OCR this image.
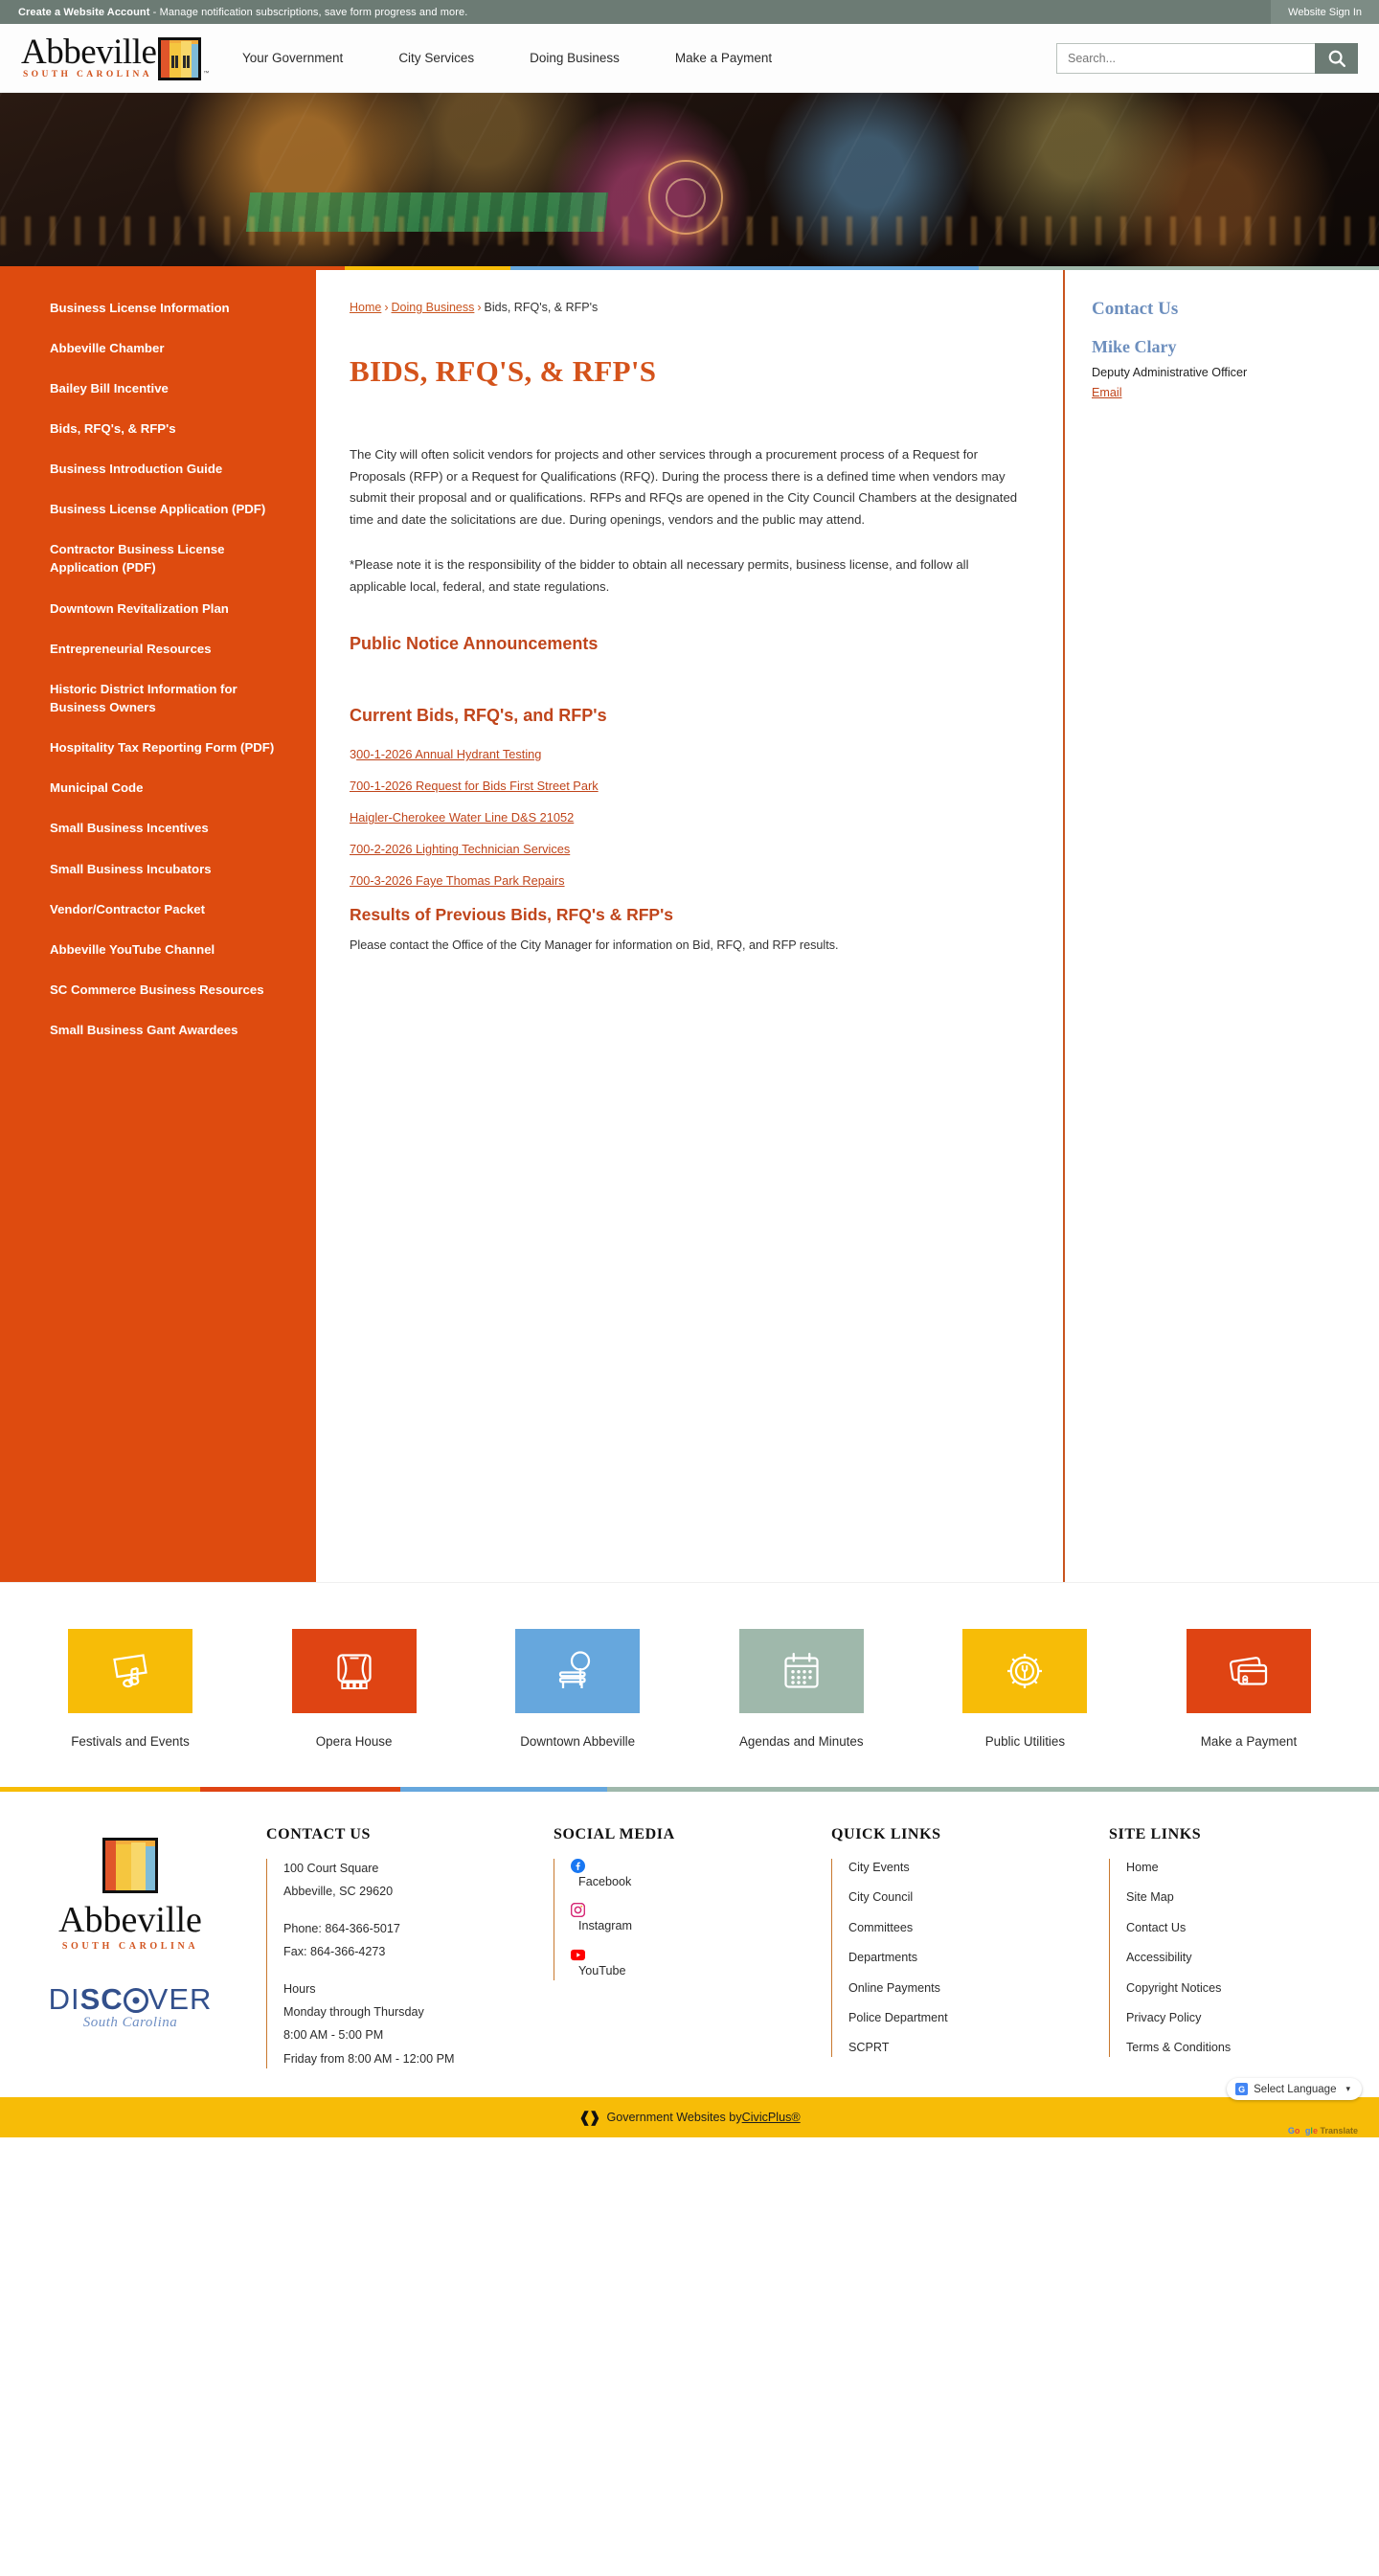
Create a Website Account - Manage notification subscriptions, save form progress and more.	Website Sign In
Abbeville
SOUTH CAROLINA	™
Your Government	City Services	Doing Business	Make a Payment
Search...
Business License Information
Abbeville Chamber
Bailey Bill Incentive
Bids, RFQ's, & RFP's
Business Introduction Guide
Business License Application (PDF)
Contractor Business License Application (PDF)
Downtown Revitalization Plan
Entrepreneurial Resources
Historic District Information for Business Owners
Hospitality Tax Reporting Form (PDF)
Municipal Code
Small Business Incentives
Small Business Incubators
Vendor/Contractor Packet
Abbeville YouTube Channel
SC Commerce Business Resources
Small Business Gant Awardees
Home › Doing Business › Bids, RFQ's, & RFP's
BIDS, RFQ'S, & RFP'S

The City will often solicit vendors for projects and other services through a procurement process of a Request for Proposals (RFP) or a Request for Qualifications (RFQ). During the process there is a defined time when vendors may submit their proposal and or qualifications. RFPs and RFQs are opened in the City Council Chambers at the designated time and date the solicitations are due. During openings, vendors and the public may attend.

*Please note it is the responsibility of the bidder to obtain all necessary permits, business license, and follow all applicable local, federal, and state regulations.

Public Notice Announcements
Current Bids, RFQ's, and RFP's
300-1-2026 Annual Hydrant Testing
700-1-2026 Request for Bids First Street Park
Haigler-Cherokee Water Line D&S 21052
700-2-2026 Lighting Technician Services
700-3-2026 Faye Thomas Park Repairs
Results of Previous Bids, RFQ's & RFP's

Please contact the Office of the City Manager for information on Bid, RFQ, and RFP results.

Contact Us
Mike Clary
Deputy Administrative Officer
Email
Festivals and Events	Opera House	Downtown Abbeville	Agendas and Minutes	Public Utilities	Make a Payment
Abbeville
SOUTH CAROLINA
DISC VER
South Carolina
CONTACT US
100 Court Square
Abbeville, SC 29620
Phone: 864-366-5017
Fax: 864-366-4273
Hours
Monday through Thursday
8:00 AM - 5:00 PM
Friday from 8:00 AM - 12:00 PM
SOCIAL MEDIA
Facebook
Instagram
YouTube
QUICK LINKS
City Events
City Council
Committees
Departments
Online Payments
Police Department
SCPRT
SITE LINKS
Home
Site Map
Contact Us
Accessibility
Copyright Notices
Privacy Policy
Terms & Conditions
❰❱ Government Websites by CivicPlus®
G Select Language ▾
Google Translate
